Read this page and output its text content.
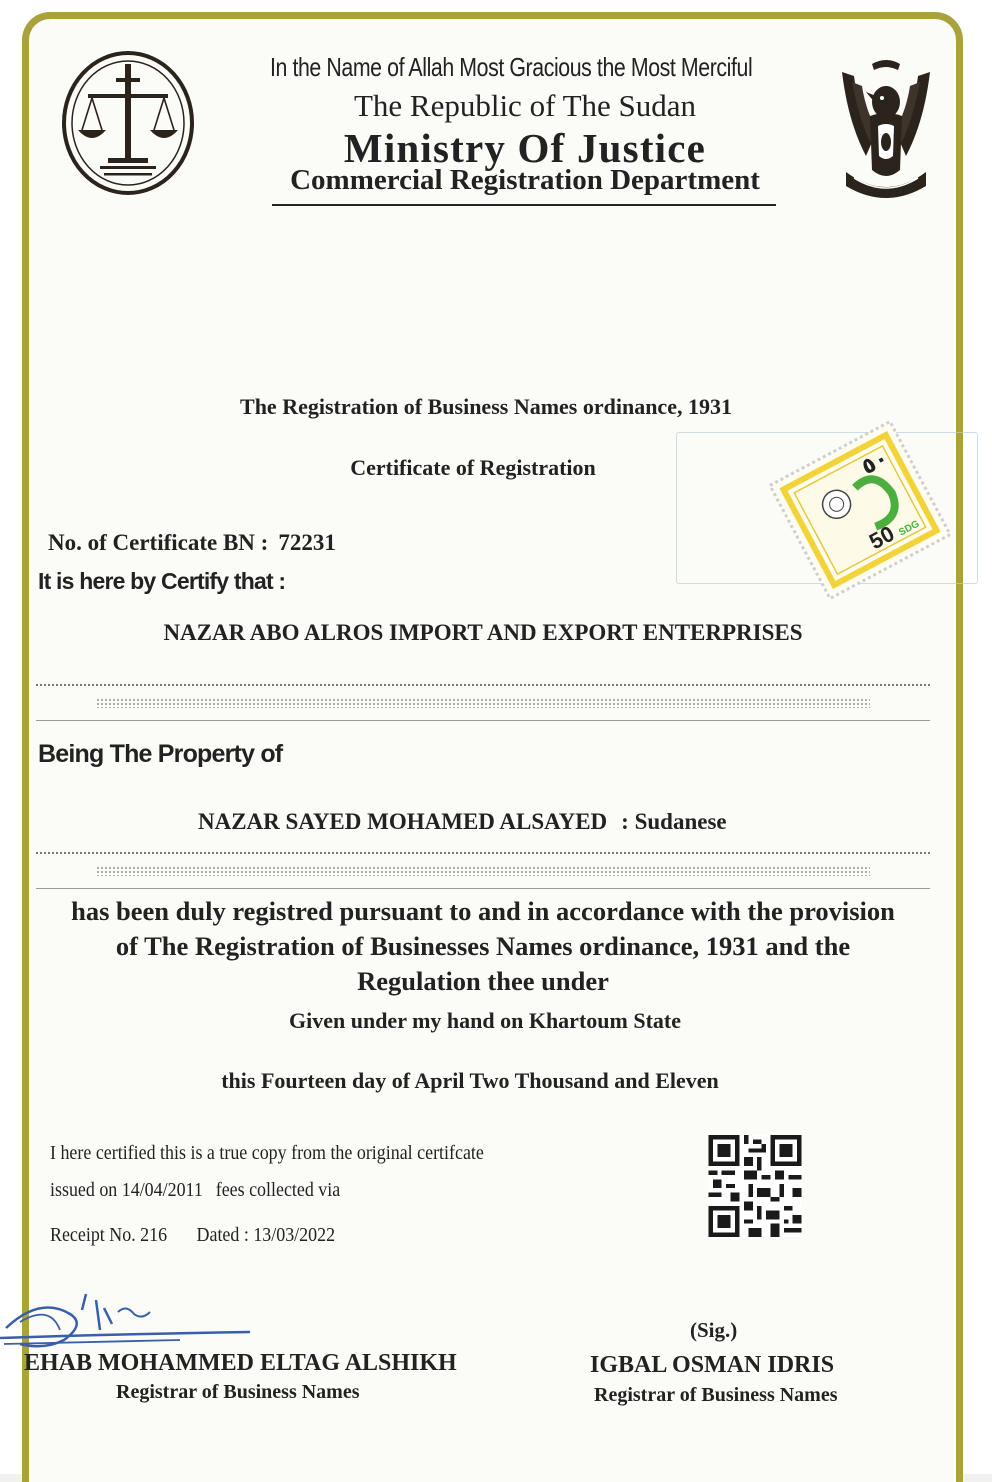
In the Name of Allah Most Gracious the Most Merciful
The Republic of The Sudan
Ministry Of Justice
Commercial Registration Department
The Registration of Business Names ordinance, 1931
Certificate of Registration
50
SDG
٥٠
No. of Certificate BN : 72231
It is here by Certify that :
NAZAR ABO ALROS IMPORT AND EXPORT ENTERPRISES
Being The Property of
NAZAR SAYED MOHAMED ALSAYED : Sudanese
has been duly registred pursuant to and in accordance with the provision
of The Registration of Businesses Names ordinance, 1931 and the
Regulation thee under
Given under my hand on Khartoum State
this Fourteen day of April Two Thousand and Eleven
I here certified this is a true copy from the original certifcate
issued on 14/04/2011 fees collected via
Receipt No. 216 Dated : 13/03/2022
EHAB MOHAMMED ELTAG ALSHIKH
Registrar of Business Names
(Sig.)
IGBAL OSMAN IDRIS
Registrar of Business Names
